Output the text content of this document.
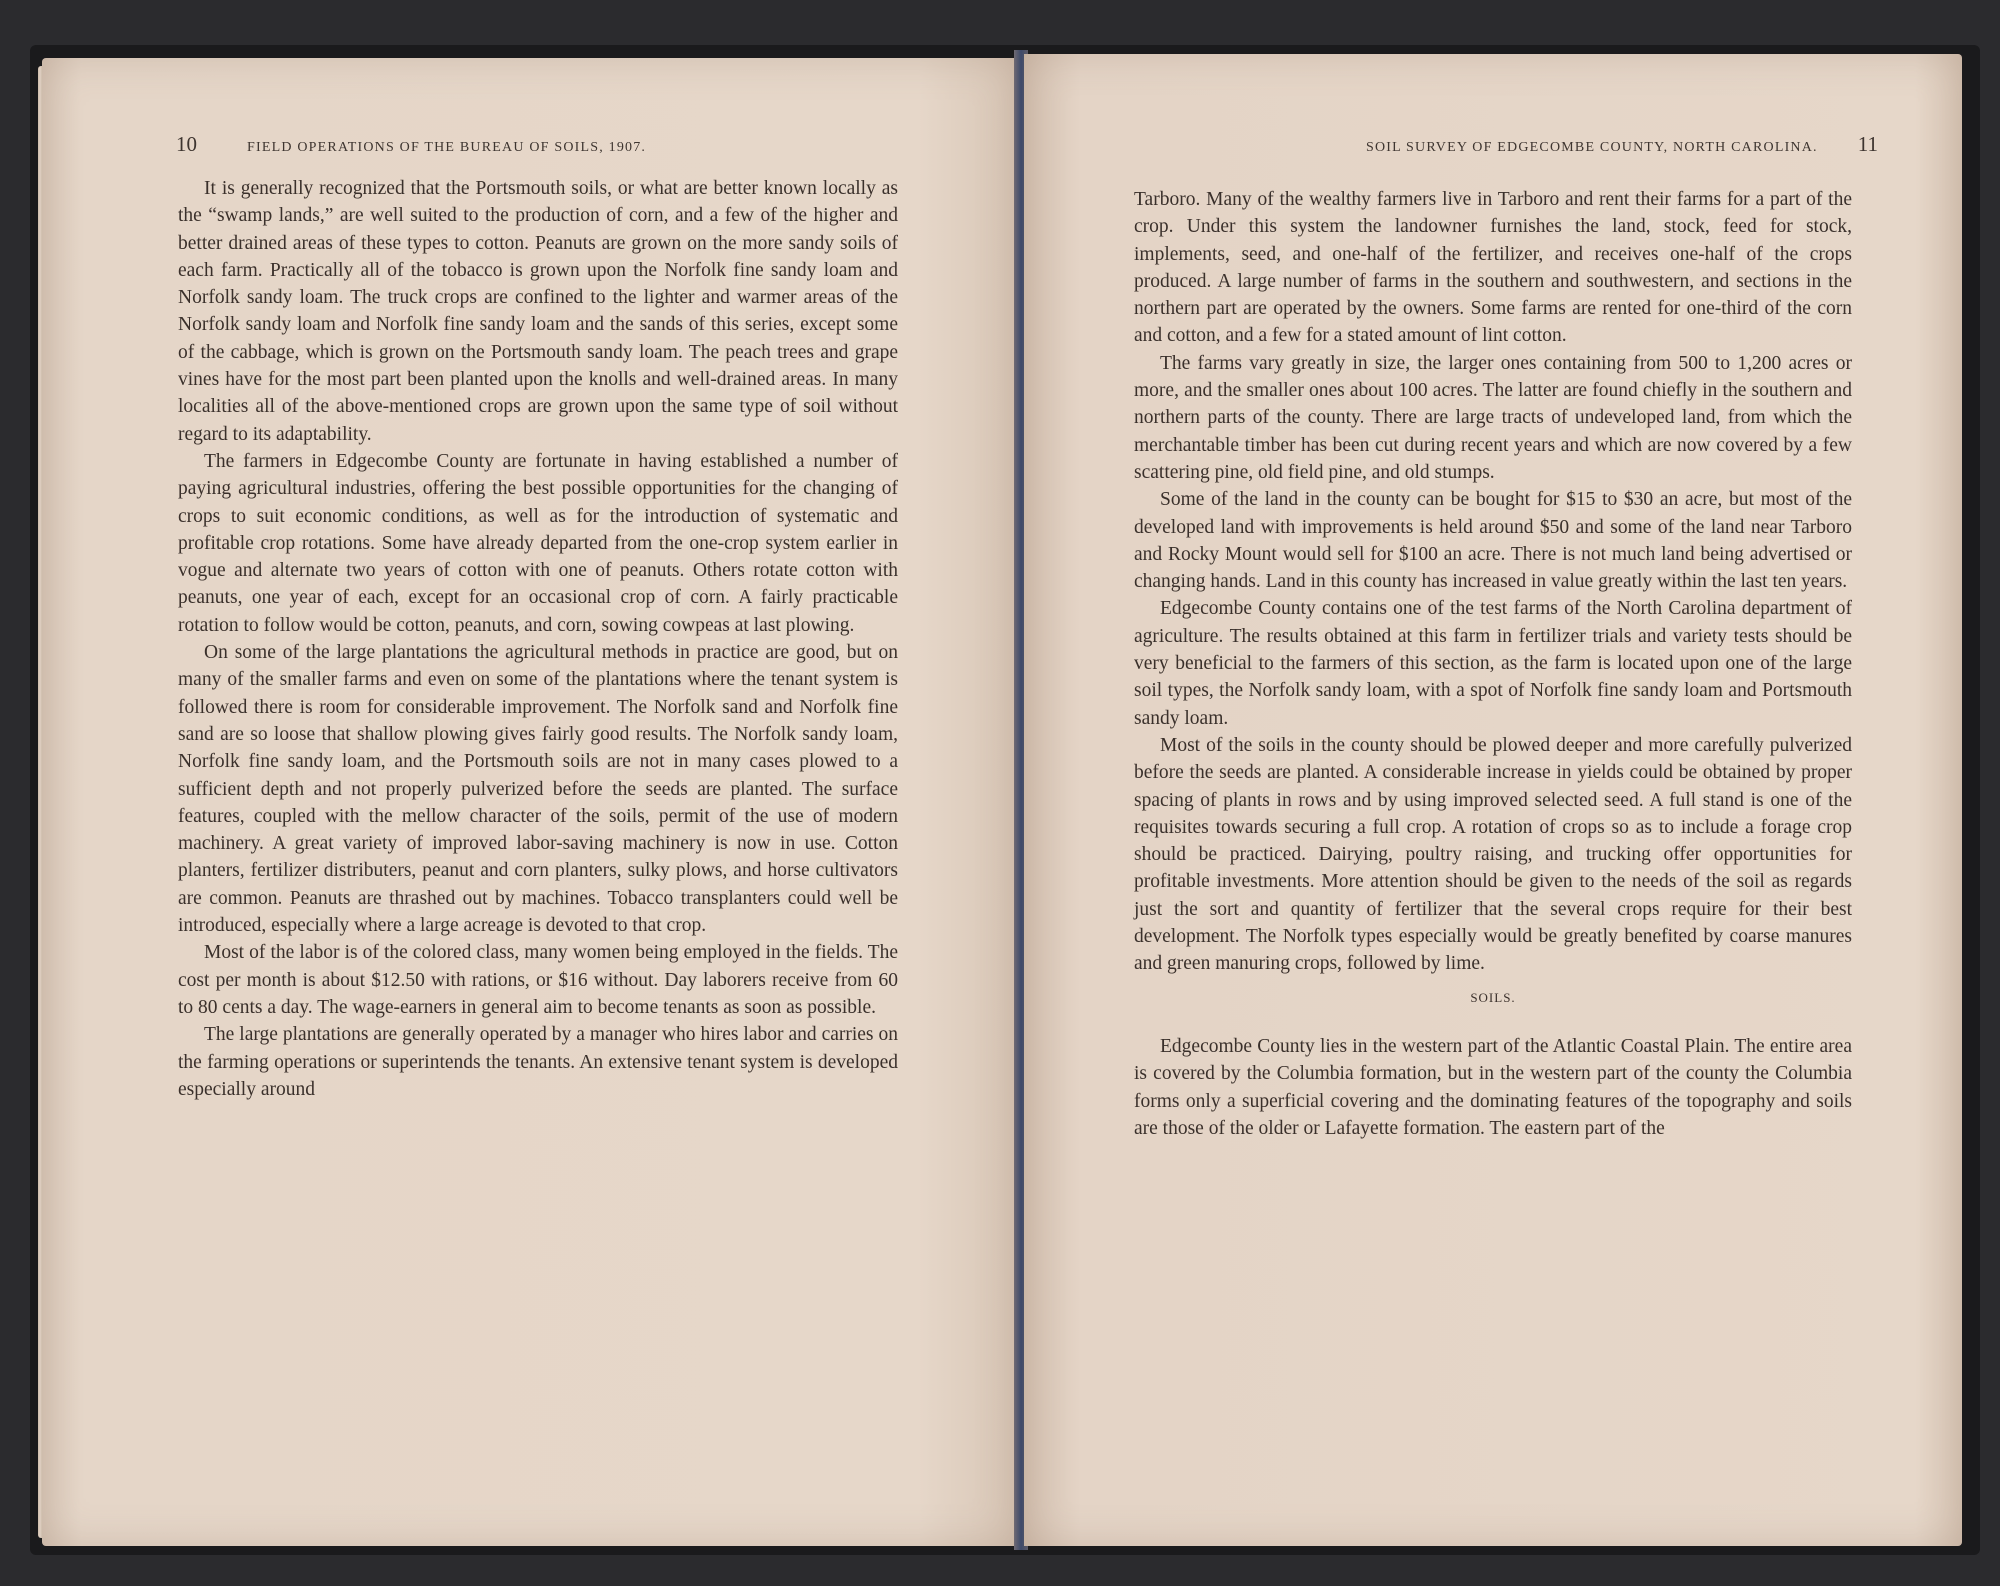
10	FIELD OPERATIONS OF THE BUREAU OF SOILS, 1907.

It is generally recognized that the Portsmouth soils, or what are better known locally as the “swamp lands,” are well suited to the production of corn, and a few of the higher and better drained areas of these types to cotton. Peanuts are grown on the more sandy soils of each farm. Practically all of the tobacco is grown upon the Norfolk fine sandy loam and Norfolk sandy loam. The truck crops are confined to the lighter and warmer areas of the Norfolk sandy loam and Norfolk fine sandy loam and the sands of this series, except some of the cabbage, which is grown on the Portsmouth sandy loam. The peach trees and grape vines have for the most part been planted upon the knolls and well-drained areas. In many localities all of the above-mentioned crops are grown upon the same type of soil without regard to its adaptability.

The farmers in Edgecombe County are fortunate in having established a number of paying agricultural industries, offering the best possible opportunities for the changing of crops to suit economic conditions, as well as for the introduction of systematic and profitable crop rotations. Some have already departed from the one-crop system earlier in vogue and alternate two years of cotton with one of peanuts. Others rotate cotton with peanuts, one year of each, except for an occasional crop of corn. A fairly practicable rotation to follow would be cotton, peanuts, and corn, sowing cowpeas at last plowing.

On some of the large plantations the agricultural methods in practice are good, but on many of the smaller farms and even on some of the plantations where the tenant system is followed there is room for considerable improvement. The Norfolk sand and Norfolk fine sand are so loose that shallow plowing gives fairly good results. The Norfolk sandy loam, Norfolk fine sandy loam, and the Portsmouth soils are not in many cases plowed to a sufficient depth and not properly pulverized before the seeds are planted. The surface features, coupled with the mellow character of the soils, permit of the use of modern machinery. A great variety of improved labor-saving machinery is now in use. Cotton planters, fertilizer distributers, peanut and corn planters, sulky plows, and horse cultivators are common. Peanuts are thrashed out by machines. Tobacco transplanters could well be introduced, especially where a large acreage is devoted to that crop.

Most of the labor is of the colored class, many women being employed in the fields. The cost per month is about $12.50 with rations, or $16 without. Day laborers receive from 60 to 80 cents a day. The wage-earners in general aim to become tenants as soon as possible.

The large plantations are generally operated by a manager who hires labor and carries on the farming operations or superintends the tenants. An extensive tenant system is developed especially around

SOIL SURVEY OF EDGECOMBE COUNTY, NORTH CAROLINA. 11

Tarboro. Many of the wealthy farmers live in Tarboro and rent their farms for a part of the crop. Under this system the landowner furnishes the land, stock, feed for stock, implements, seed, and one-half of the fertilizer, and receives one-half of the crops produced. A large number of farms in the southern and southwestern, and sections in the northern part are operated by the owners. Some farms are rented for one-third of the corn and cotton, and a few for a stated amount of lint cotton.

The farms vary greatly in size, the larger ones containing from 500 to 1,200 acres or more, and the smaller ones about 100 acres. The latter are found chiefly in the southern and northern parts of the county. There are large tracts of undeveloped land, from which the merchantable timber has been cut during recent years and which are now covered by a few scattering pine, old field pine, and old stumps.

Some of the land in the county can be bought for $15 to $30 an acre, but most of the developed land with improvements is held around $50 and some of the land near Tarboro and Rocky Mount would sell for $100 an acre. There is not much land being advertised or changing hands. Land in this county has increased in value greatly within the last ten years.

Edgecombe County contains one of the test farms of the North Carolina department of agriculture. The results obtained at this farm in fertilizer trials and variety tests should be very beneficial to the farmers of this section, as the farm is located upon one of the large soil types, the Norfolk sandy loam, with a spot of Norfolk fine sandy loam and Portsmouth sandy loam.

Most of the soils in the county should be plowed deeper and more carefully pulverized before the seeds are planted. A considerable increase in yields could be obtained by proper spacing of plants in rows and by using improved selected seed. A full stand is one of the requisites towards securing a full crop. A rotation of crops so as to include a forage crop should be practiced. Dairying, poultry raising, and trucking offer opportunities for profitable investments. More attention should be given to the needs of the soil as regards just the sort and quantity of fertilizer that the several crops require for their best development. The Norfolk types especially would be greatly benefited by coarse manures and green manuring crops, followed by lime.

SOILS.

Edgecombe County lies in the western part of the Atlantic Coastal Plain. The entire area is covered by the Columbia formation, but in the western part of the county the Columbia forms only a superficial covering and the dominating features of the topography and soils are those of the older or Lafayette formation. The eastern part of the
